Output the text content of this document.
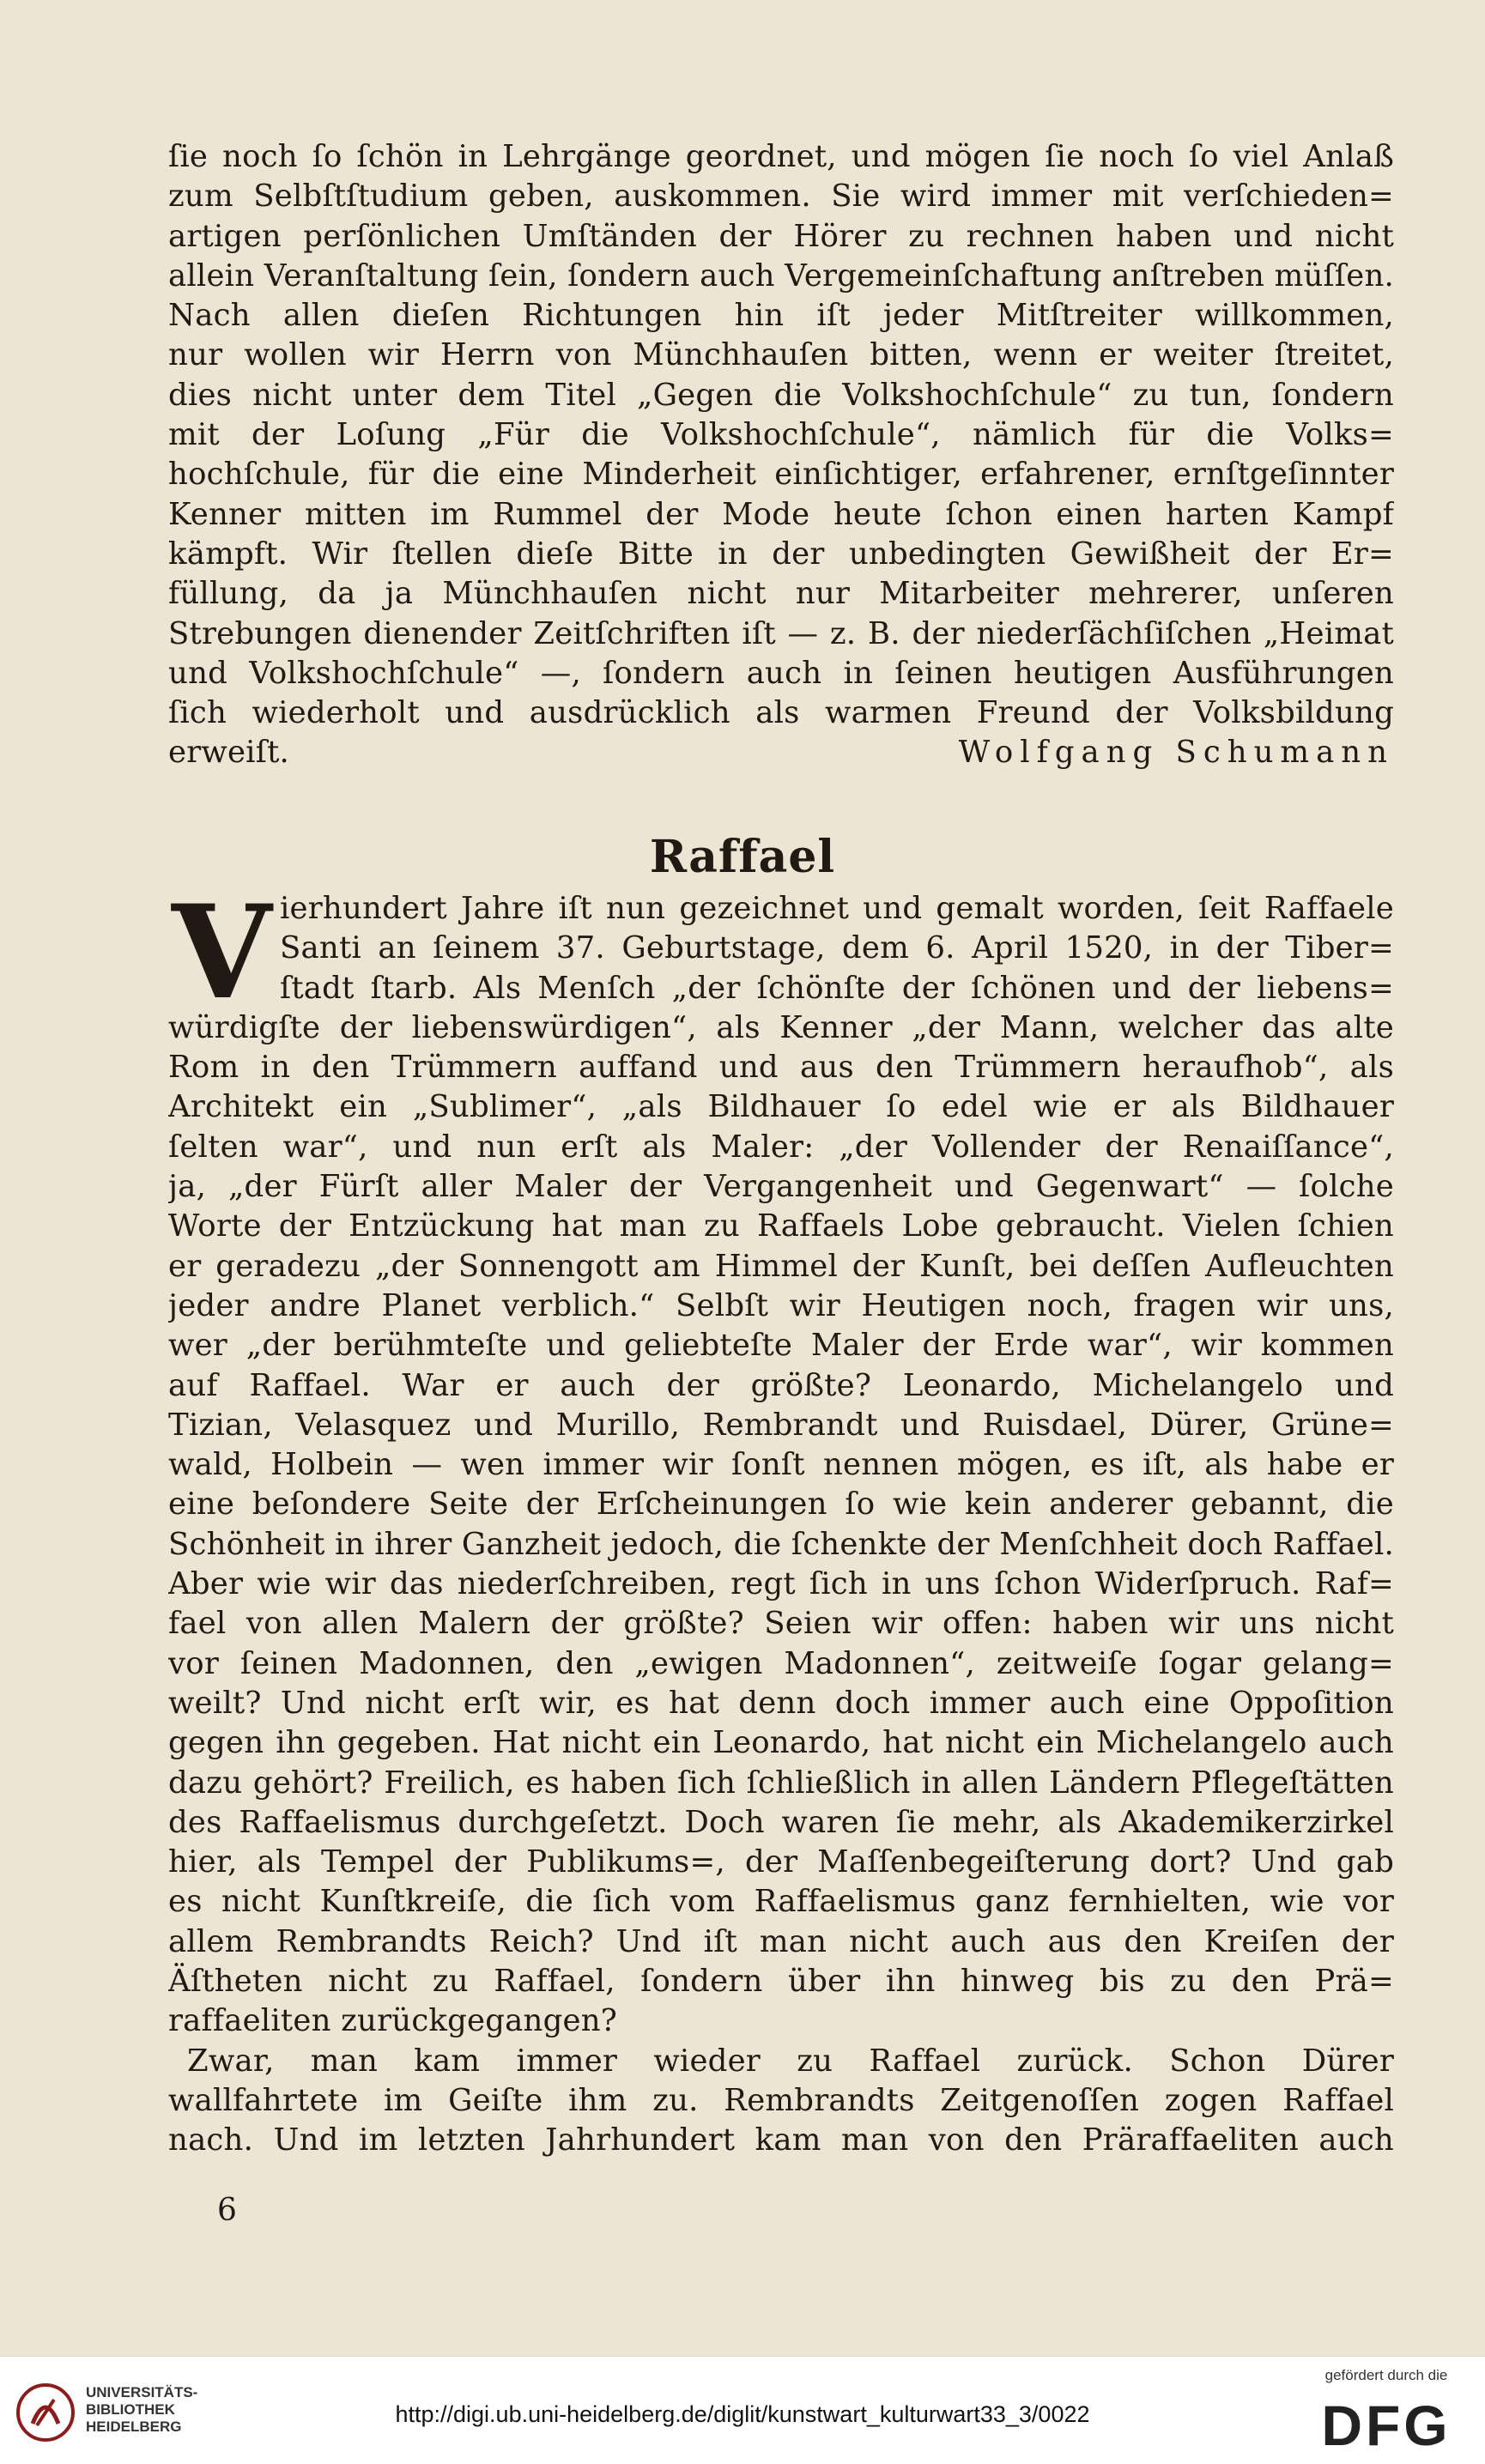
ſie noch ſo ſchön in Lehrgänge geordnet, und mögen ſie noch ſo viel Anlaß
zum Selbſtſtudium geben, auskommen. Sie wird immer mit verſchieden=
artigen perſönlichen Umſtänden der Hörer zu rechnen haben und nicht
allein Veranſtaltung ſein, ſondern auch Vergemeinſchaftung anſtreben müſſen.
Nach allen dieſen Richtungen hin iſt jeder Mitſtreiter willkommen,
nur wollen wir Herrn von Münchhauſen bitten, wenn er weiter ſtreitet,
dies nicht unter dem Titel „Gegen die Volkshochſchule“ zu tun, ſondern
mit der Loſung „Für die Volkshochſchule“, nämlich für die Volks=
hochſchule, für die eine Minderheit einſichtiger, erfahrener, ernſtgeſinnter
Kenner mitten im Rummel der Mode heute ſchon einen harten Kampf
kämpft. Wir ſtellen dieſe Bitte in der unbedingten Gewißheit der Er=
füllung, da ja Münchhauſen nicht nur Mitarbeiter mehrerer, unſeren
Strebungen dienender Zeitſchriften iſt — z. B. der niederſächſiſchen „Heimat
und Volkshochſchule“ —, ſondern auch in ſeinen heutigen Ausführungen
ſich wiederholt und ausdrücklich als warmen Freund der Volksbildung
erweiſt.	Wolfgang Schumann
Raffael
V ierhundert Jahre iſt nun gezeichnet und gemalt worden, ſeit Raffaele
Santi an ſeinem 37. Geburtstage, dem 6. April 1520, in der Tiber=
ſtadt ſtarb. Als Menſch „der ſchönſte der ſchönen und der liebens=
würdigſte der liebenswürdigen“, als Kenner „der Mann, welcher das alte
Rom in den Trümmern auffand und aus den Trümmern heraufhob“, als
Architekt ein „Sublimer“, „als Bildhauer ſo edel wie er als Bildhauer
ſelten war“, und nun erſt als Maler: „der Vollender der Renaiſſance“,
ja, „der Fürſt aller Maler der Vergangenheit und Gegenwart“ — ſolche
Worte der Entzückung hat man zu Raffaels Lobe gebraucht. Vielen ſchien
er geradezu „der Sonnengott am Himmel der Kunſt, bei deſſen Aufleuchten
jeder andre Planet verblich.“ Selbſt wir Heutigen noch, fragen wir uns,
wer „der berühmteſte und geliebteſte Maler der Erde war“, wir kommen
auf Raffael. War er auch der größte? Leonardo, Michelangelo und
Tizian, Velasquez und Murillo, Rembrandt und Ruisdael, Dürer, Grüne=
wald, Holbein — wen immer wir ſonſt nennen mögen, es iſt, als habe er
eine beſondere Seite der Erſcheinungen ſo wie kein anderer gebannt, die
Schönheit in ihrer Ganzheit jedoch, die ſchenkte der Menſchheit doch Raffael.
Aber wie wir das niederſchreiben, regt ſich in uns ſchon Widerſpruch. Raf=
fael von allen Malern der größte? Seien wir offen: haben wir uns nicht
vor ſeinen Madonnen, den „ewigen Madonnen“, zeitweiſe ſogar gelang=
weilt? Und nicht erſt wir, es hat denn doch immer auch eine Oppoſition
gegen ihn gegeben. Hat nicht ein Leonardo, hat nicht ein Michelangelo auch
dazu gehört? Freilich, es haben ſich ſchließlich in allen Ländern Pflegeſtätten
des Raffaelismus durchgeſetzt. Doch waren ſie mehr, als Akademikerzirkel
hier, als Tempel der Publikums=, der Maſſenbegeiſterung dort? Und gab
es nicht Kunſtkreiſe, die ſich vom Raffaelismus ganz fernhielten, wie vor
allem Rembrandts Reich? Und iſt man nicht auch aus den Kreiſen der
Äſtheten nicht zu Raffael, ſondern über ihn hinweg bis zu den Prä=
raffaeliten zurückgegangen?
Zwar, man kam immer wieder zu Raffael zurück. Schon Dürer
wallfahrtete im Geiſte ihm zu. Rembrandts Zeitgenoſſen zogen Raffael
nach. Und im letzten Jahrhundert kam man von den Präraffaeliten auch
6
UNIVERSITÄTS-
BIBLIOTHEK
HEIDELBERG	http://digi.ub.uni-heidelberg.de/diglit/kunstwart_kulturwart33_3/0022
gefördert durch die
DFG
